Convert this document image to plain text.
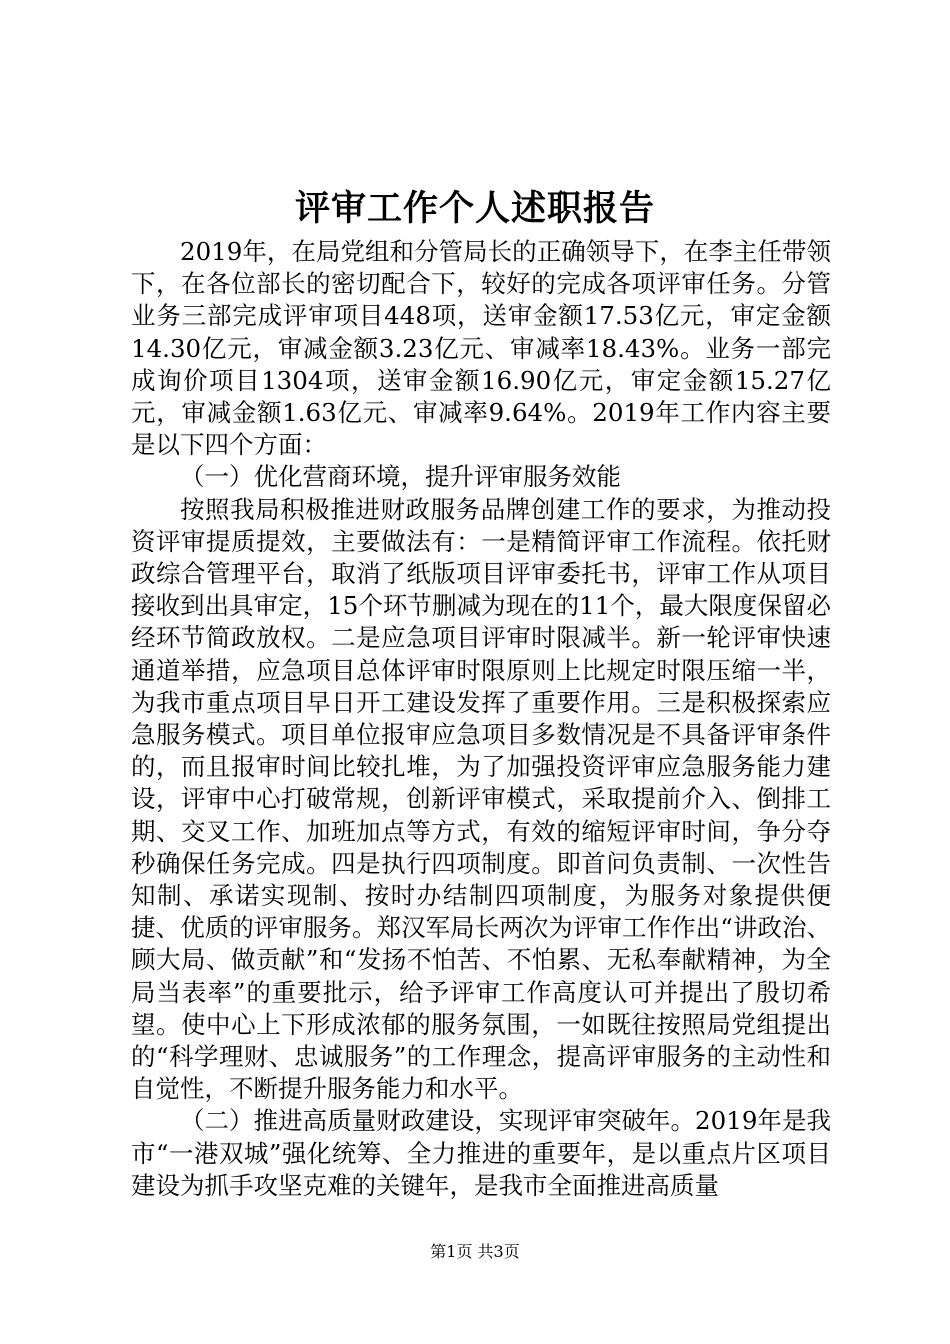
评审工作个人述职报告

2019年，在局党组和分管局长的正确领导下，在李主任带领下，在各位部长的密切配合下，较好的完成各项评审任务。分管业务三部完成评审项目448项，送审金额17.53亿元，审定金额14.30亿元，审减金额3.23亿元、审减率18.43%。业务一部完成询价项目1304项，送审金额16.90亿元，审定金额15.27亿元，审减金额1.63亿元、审减率9.64%。2019年工作内容主要是以下四个方面：

（一）优化营商环境，提升评审服务效能

按照我局积极推进财政服务品牌创建工作的要求，为推动投资评审提质提效，主要做法有：一是精简评审工作流程。依托财政综合管理平台，取消了纸版项目评审委托书，评审工作从项目接收到出具审定，15个环节删减为现在的11个，最大限度保留必经环节简政放权。二是应急项目评审时限减半。新一轮评审快速通道举措，应急项目总体评审时限原则上比规定时限压缩一半，为我市重点项目早日开工建设发挥了重要作用。三是积极探索应急服务模式。项目单位报审应急项目多数情况是不具备评审条件的，而且报审时间比较扎堆，为了加强投资评审应急服务能力建设，评审中心打破常规，创新评审模式，采取提前介入、倒排工期、交叉工作、加班加点等方式，有效的缩短评审时间，争分夺秒确保任务完成。四是执行四项制度。即首问负责制、一次性告知制、承诺实现制、按时办结制四项制度，为服务对象提供便捷、优质的评审服务。郑汉军局长两次为评审工作作出“讲政治、顾大局、做贡献”和“发扬不怕苦、不怕累、无私奉献精神，为全局当表率”的重要批示，给予评审工作高度认可并提出了殷切希望。使中心上下形成浓郁的服务氛围，一如既往按照局党组提出的“科学理财、忠诚服务”的工作理念，提高评审服务的主动性和自觉性，不断提升服务能力和水平。

（二）推进高质量财政建设，实现评审突破年。2019年是我市“一港双城”强化统筹、全力推进的重要年，是以重点片区项目建设为抓手攻坚克难的关键年，是我市全面推进高质量

第1页 共3页
